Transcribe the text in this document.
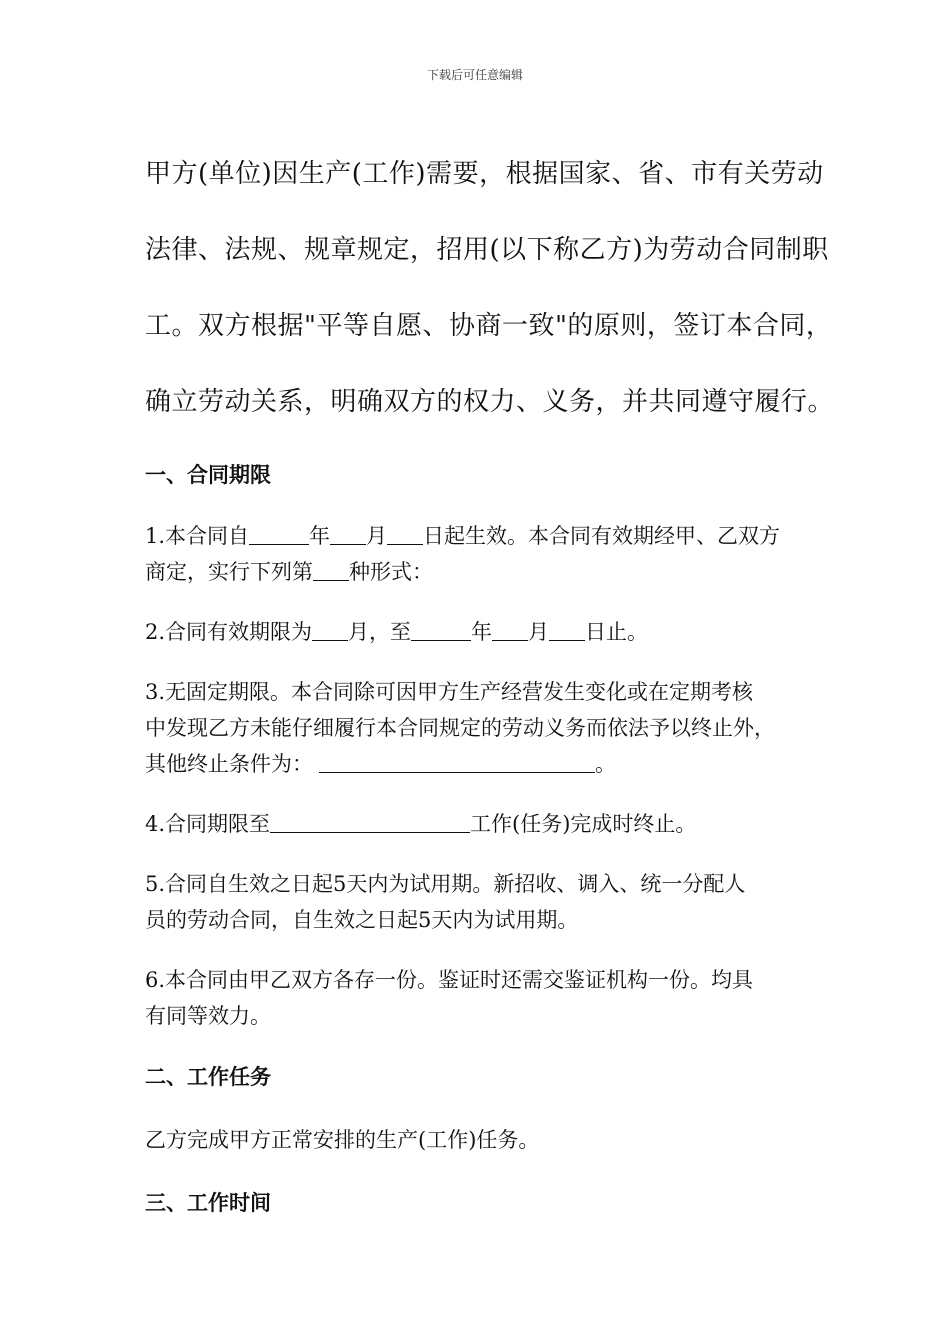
下载后可任意编辑

甲方(单位)因生产(工作)需要，根据国家、省、市有关劳动
法律、法规、规章规定，招用(以下称乙方)为劳动合同制职
工。双方根据"平等自愿、协商一致"的原则，签订本合同，
确立劳动关系，明确双方的权力、义务，并共同遵守履行。

一、合同期限

1.本合同自	年 月 日起生效。本合同有效期经甲、乙双方
商定，实行下列第 种形式：

2.合同有效期限为 月，至	年 月 日止。

3.无固定期限。本合同除可因甲方生产经营发生变化或在定期考核
中发现乙方未能仔细履行本合同规定的劳动义务而依法予以终止外，
其他终止条件为：	。

4.合同期限至	工作(任务)完成时终止。

5.合同自生效之日起5天内为试用期。新招收、调入、统一分配人
员的劳动合同，自生效之日起5天内为试用期。

6.本合同由甲乙双方各存一份。鉴证时还需交鉴证机构一份。均具
有同等效力。

二、工作任务

乙方完成甲方正常安排的生产(工作)任务。

三、工作时间
